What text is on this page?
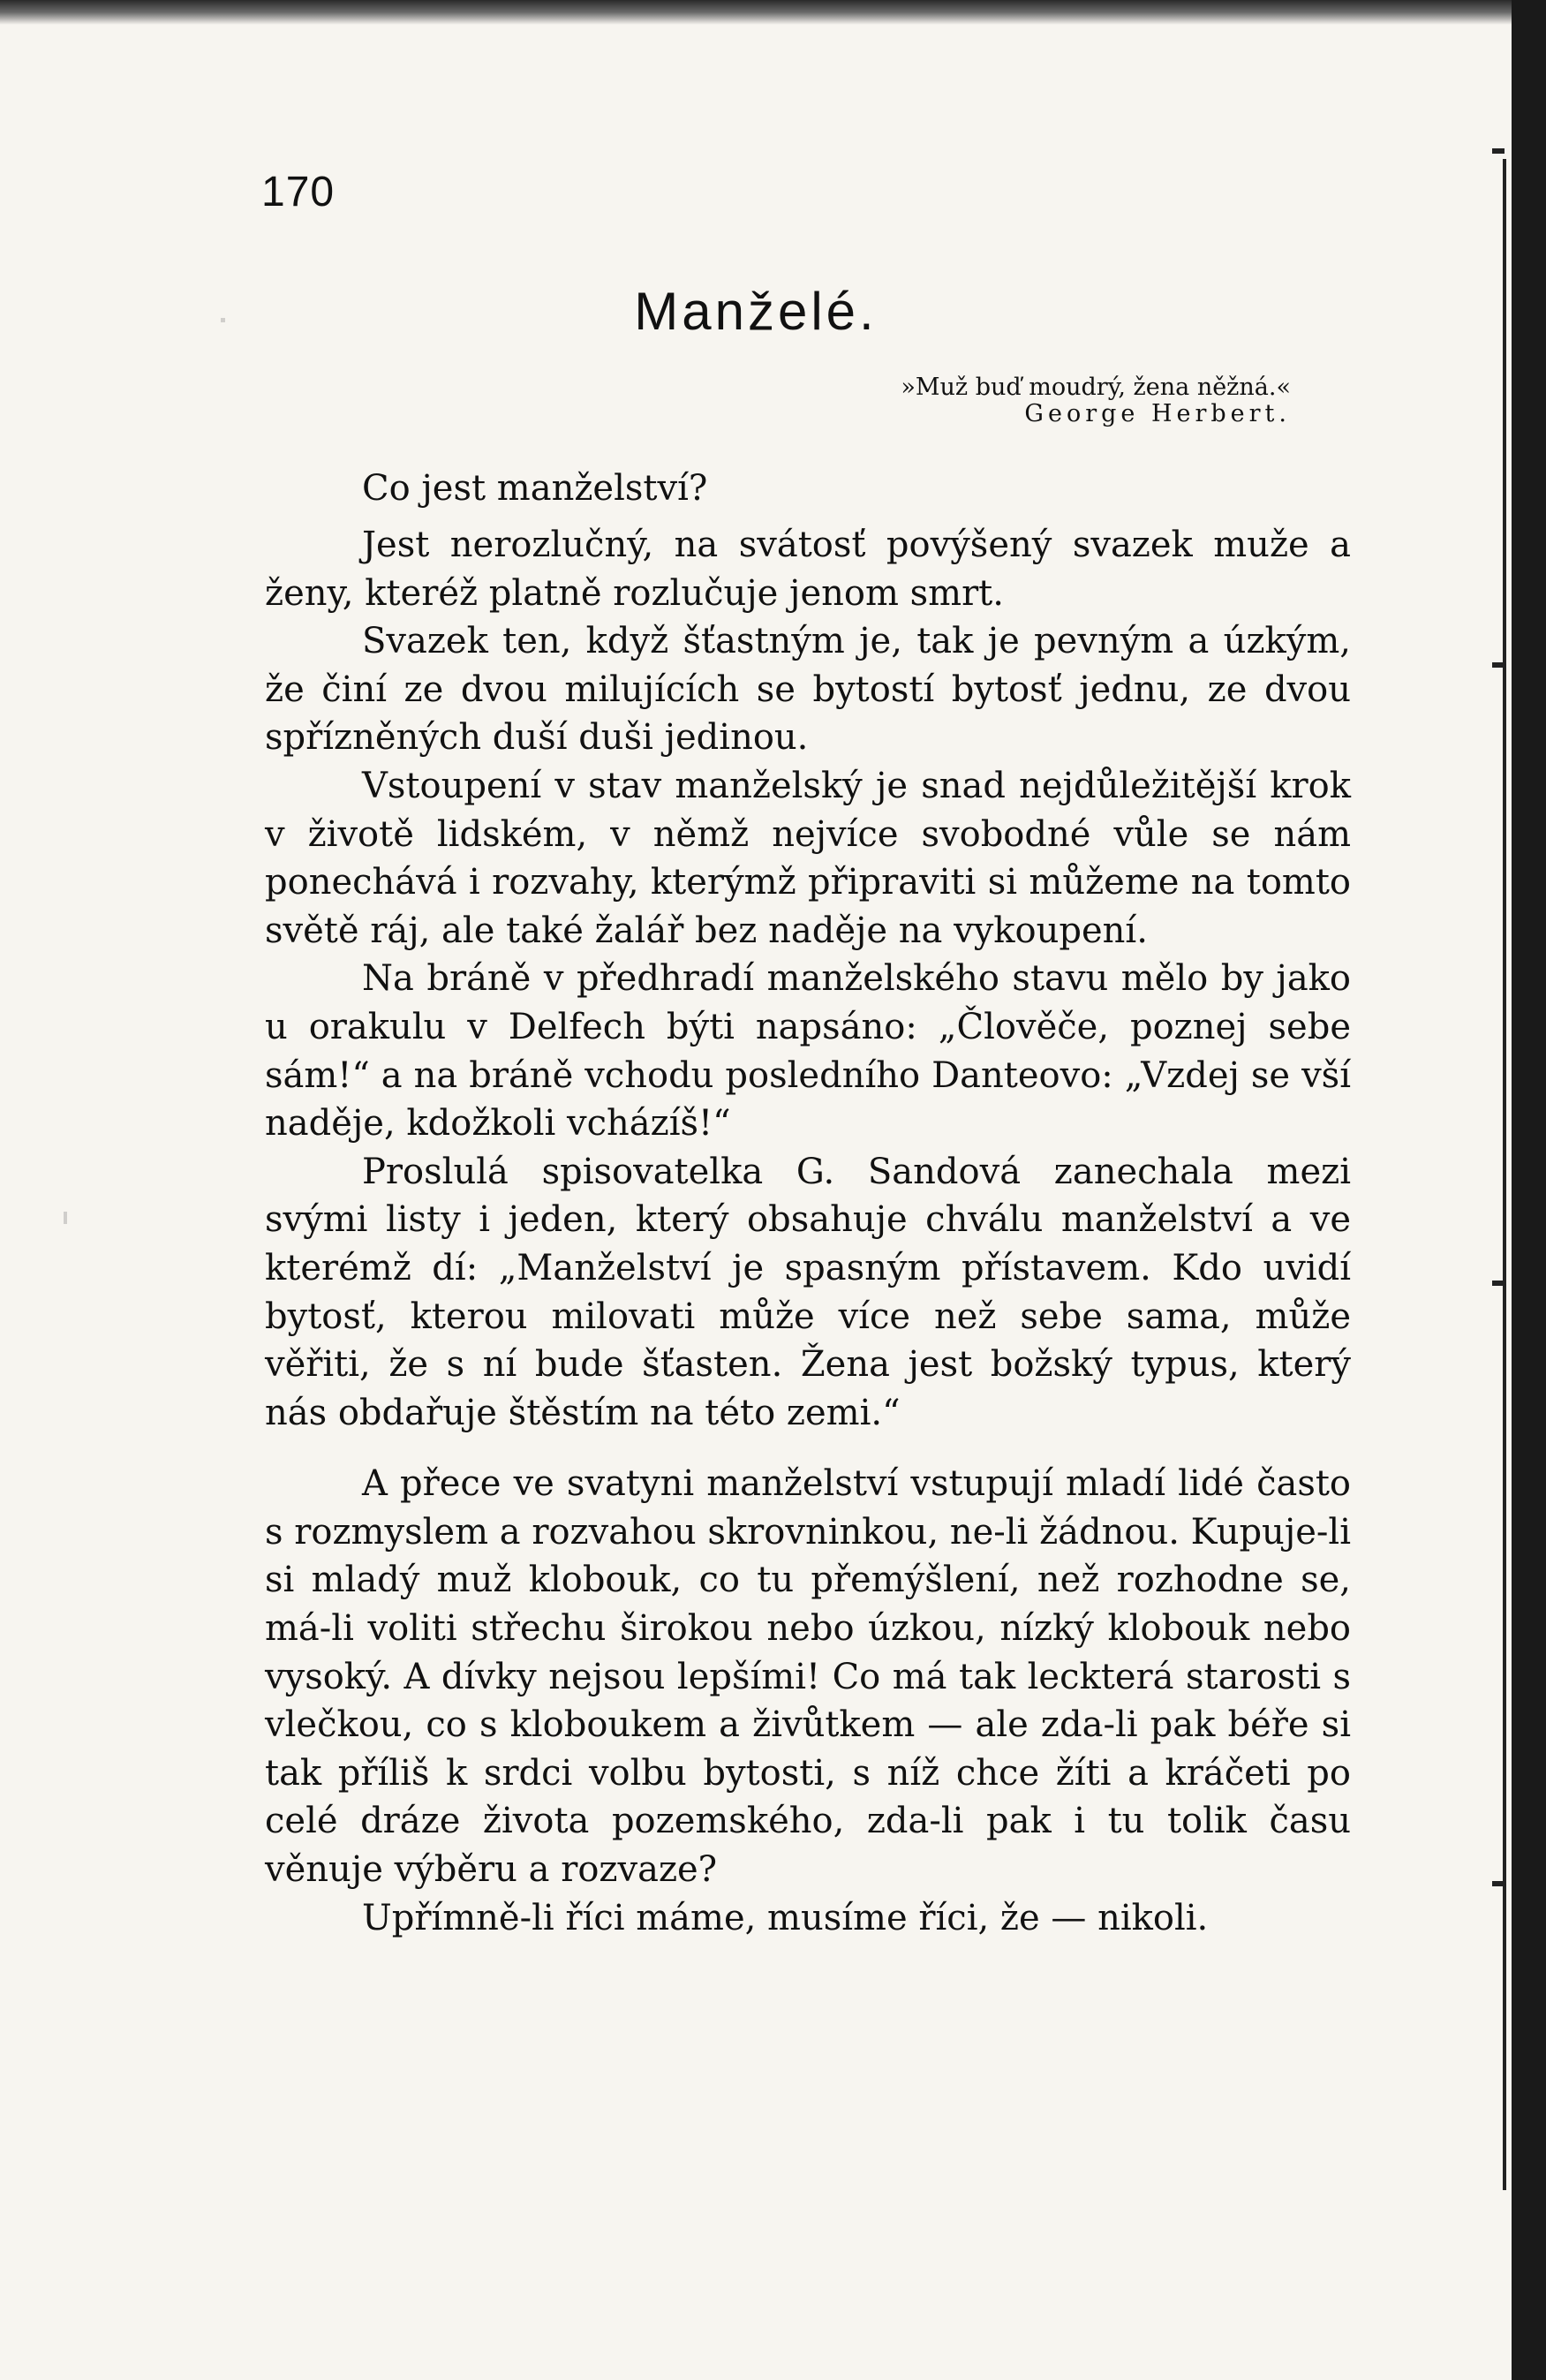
170
Manželé.
»Muž buď moudrý, žena něžná.«
George Herbert.
Co jest manželství?

Jest nerozlučný, na svátosť povýšený svazek muže a ženy, kteréž platně rozlučuje jenom smrt.

Svazek ten, když šťastným je, tak je pevným a úzkým, že činí ze dvou milujících se bytostí bytosť jednu, ze dvou spřízněných duší duši jedinou.

Vstoupení v stav manželský je snad nejdůležitější krok v životě lidském, v němž nejvíce svobodné vůle se nám ponechává i rozvahy, kterýmž připraviti si můžeme na tomto světě ráj, ale také žalář bez naděje na vykoupení.

Na bráně v předhradí manželského stavu mělo by jako u orakulu v Delfech býti napsáno: „Člověče, poznej sebe sám!“ a na bráně vchodu posledního Danteovo: „Vzdej se vší naděje, kdožkoli vcházíš!“

Proslulá spisovatelka G. Sandová zanechala mezi svými listy i jeden, který obsahuje chválu manželství a ve kterémž dí: „Manželství je spasným přístavem. Kdo uvidí bytosť, kterou milovati může více než sebe sama, může věřiti, že s ní bude šťasten. Žena jest božský typus, který nás obdařuje štěstím na této zemi.“

A přece ve svatyni manželství vstupují mladí lidé často s rozmyslem a rozvahou skrovninkou, ne-li žádnou. Kupuje-li si mladý muž klobouk, co tu přemýšlení, než rozhodne se, má-li voliti střechu širokou nebo úzkou, nízký klobouk nebo vysoký. A dívky nejsou lepšími! Co má tak leckterá starosti s vlečkou, co s kloboukem a živůtkem — ale zda-li pak béře si tak příliš k srdci volbu bytosti, s níž chce žíti a kráčeti po celé dráze života pozemského, zda-li pak i tu tolik času věnuje výběru a rozvaze?

Upřímně-li říci máme, musíme říci, že — nikoli.
